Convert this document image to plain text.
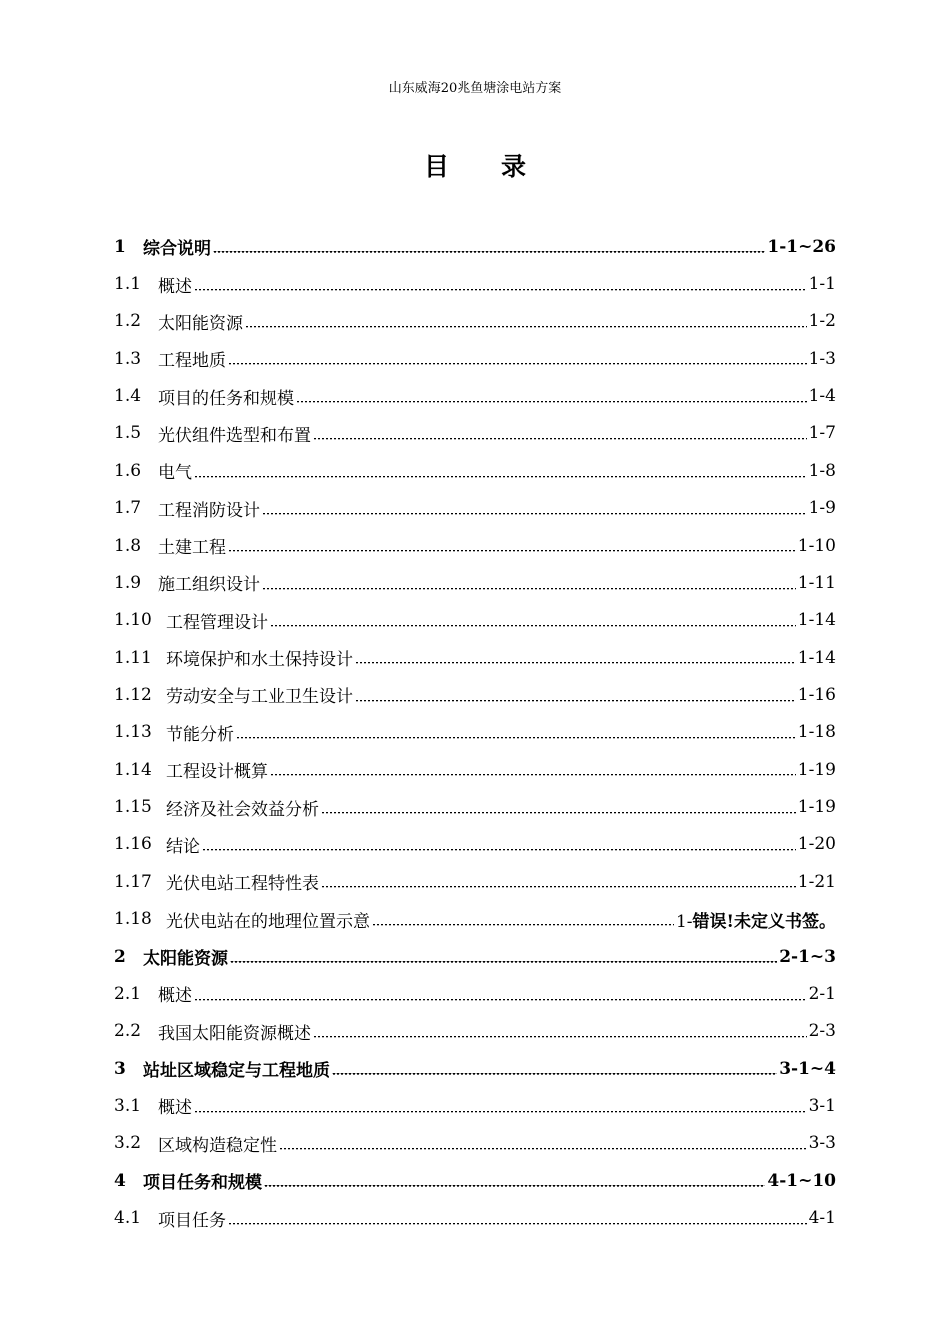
山东威海20兆鱼塘涂电站方案
目 录
1	综合说明	1-1~26
1.1 概述	1-1
1.2 太阳能资源	1-2
1.3 工程地质	1-3
1.4 项目的任务和规模	1-4
1.5 光伏组件选型和布置	1-7
1.6 电气	1-8
1.7 工程消防设计	1-9
1.8 土建工程	1-10
1.9 施工组织设计	1-11
1.10 工程管理设计	1-14
1.11 环境保护和水土保持设计	1-14
1.12 劳动安全与工业卫生设计	1-16
1.13 节能分析	1-18
1.14 工程设计概算	1-19
1.15 经济及社会效益分析	1-19
1.16 结论	1-20
1.17 光伏电站工程特性表	1-21
1.18 光伏电站在的地理位置示意	1-错误!未定义书签。
2	太阳能资源	2-1~3
2.1 概述	2-1
2.2 我国太阳能资源概述	2-3
3	站址区域稳定与工程地质	3-1~4
3.1 概述	3-1
3.2 区域构造稳定性	3-3
4	项目任务和规模	4-1~10
4.1 项目任务	4-1
